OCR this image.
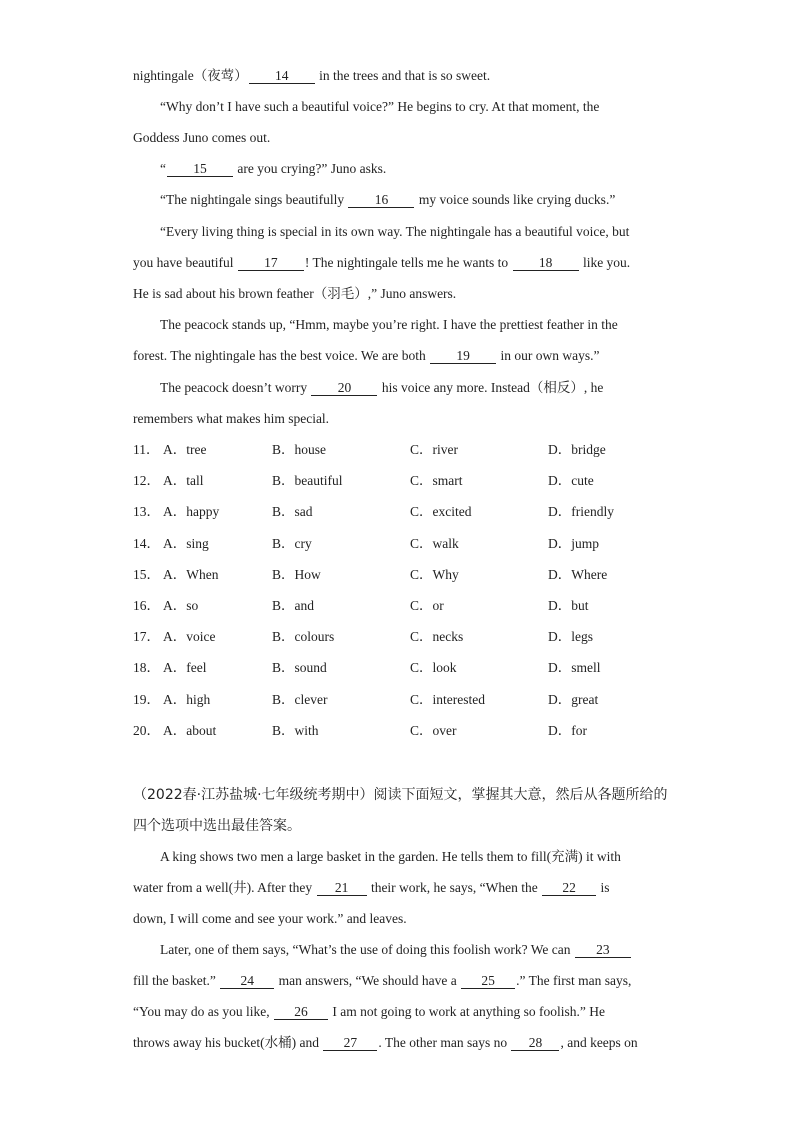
nightingale（夜莺） 14 in the trees and that is so sweet.
“Why don’t I have such a beautiful voice?” He begins to cry. At that moment, the
Goddess Juno comes out.
“ 15 are you crying?” Juno asks.
“The nightingale sings beautifully 16 my voice sounds like crying ducks.”
“Every living thing is special in its own way. The nightingale has a beautiful voice, but
you have beautiful 17 ! The nightingale tells me he wants to 18 like you.
He is sad about his brown feather（羽毛）,” Juno answers.
The peacock stands up, “Hmm, maybe you’re right. I have the prettiest feather in the
forest. The nightingale has the best voice. We are both 19 in our own ways.”
The peacock doesn’t worry 20 his voice any more. Instead（相反）, he
remembers what makes him special.
11． A．tree	B．house	C．river	D．bridge
12． A．tall	B．beautiful	C．smart	D．cute
13． A．happy	B．sad	C．excited	D．friendly
14． A．sing	B．cry	C．walk	D．jump
15． A．When	B．How	C．Why	D．Where
16． A．so	B．and	C．or	D．but
17． A．voice	B．colours	C．necks	D．legs
18． A．feel	B．sound	C．look	D．smell
19． A．high	B．clever	C．interested	D．great
20． A．about	B．with	C．over	D．for
（2022春·江苏盐城·七年级统考期中）阅读下面短文，掌握其大意，然后从各题所给的
四个选项中选出最佳答案。
A king shows two men a large basket in the garden. He tells them to fill(充满) it with
water from a well(井). After they 21 their work, he says, “When the 22 is
down, I will come and see your work.” and leaves.
Later, one of them says, “What’s the use of doing this foolish work? We can 23
fill the basket.” 24 man answers, “We should have a 25 .” The first man says,
“You may do as you like, 26 I am not going to work at anything so foolish.” He
throws away his bucket(水桶) and 27 . The other man says no 28 , and keeps on
